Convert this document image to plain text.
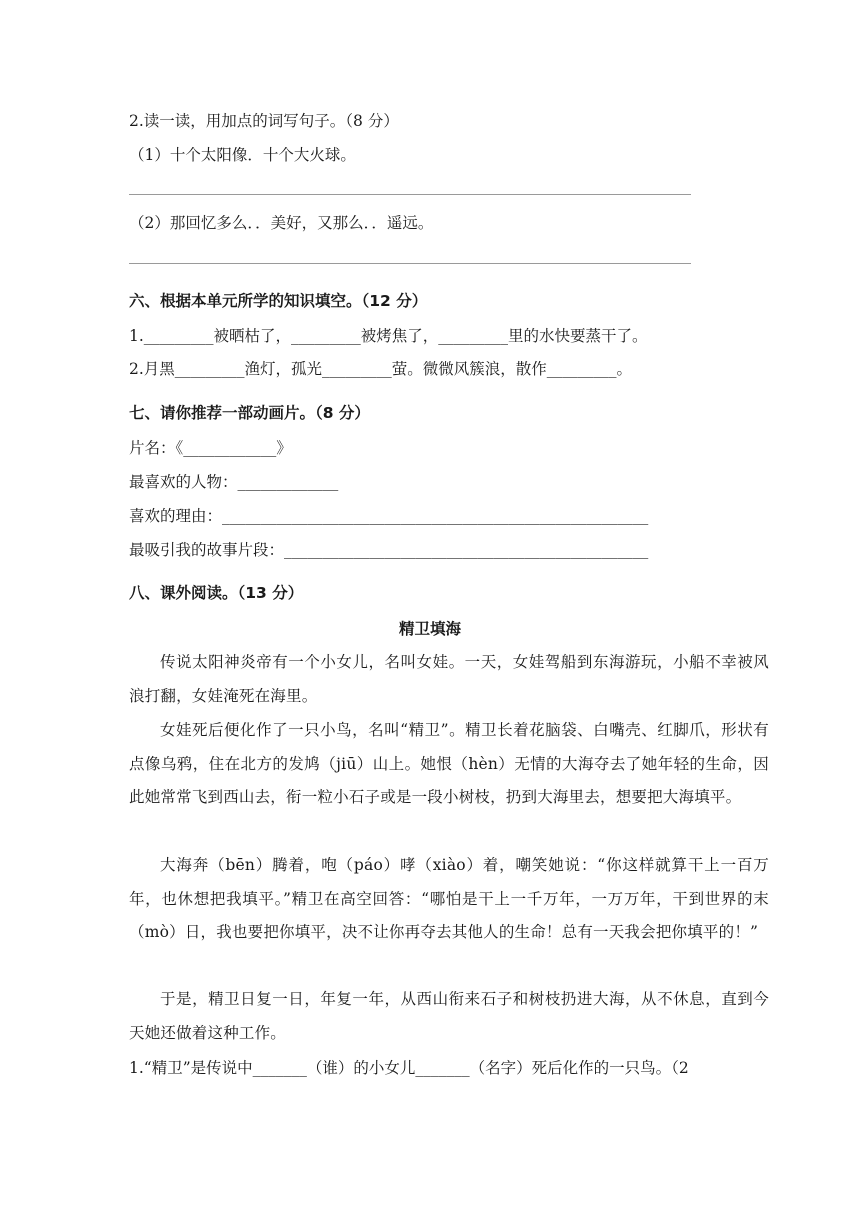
2.读一读，用加点的词写句子。（8 分）
（1）十个太阳像．十个大火球。
（2）那回忆多么．．美好，又那么．．遥远。
六、根据本单元所学的知识填空。（12 分）
1._________被晒枯了，_________被烤焦了，_________里的水快要蒸干了。
2.月黑_________渔灯，孤光_________萤。微微风簇浪，散作_________。
七、请你推荐一部动画片。（8 分）
片名：《____________》
最喜欢的人物：_____________
喜欢的理由：_______________________________________________________
最吸引我的故事片段：_______________________________________________
八、课外阅读。（13 分）
精卫填海
传说太阳神炎帝有一个小女儿，名叫女娃。一天，女娃驾船到东海游玩，小船不幸被风浪打翻，女娃淹死在海里。
女娃死后便化作了一只小鸟，名叫“精卫”。精卫长着花脑袋、白嘴壳、红脚爪，形状有点像乌鸦，住在北方的发鸠（jiū）山上。她恨（hèn）无情的大海夺去了她年轻的生命，因此她常常飞到西山去，衔一粒小石子或是一段小树枝，扔到大海里去，想要把大海填平。
大海奔（bēn）腾着，咆（páo）哮（xiào）着，嘲笑她说：“你这样就算干上一百万年，也休想把我填平。”精卫在高空回答：“哪怕是干上一千万年，一万万年，干到世界的末（mò）日，我也要把你填平，决不让你再夺去其他人的生命！总有一天我会把你填平的！”
于是，精卫日复一日，年复一年，从西山衔来石子和树枝扔进大海，从不休息，直到今天她还做着这种工作。
1.“精卫”是传说中_______（谁）的小女儿_______（名字）死后化作的一只鸟。（2
